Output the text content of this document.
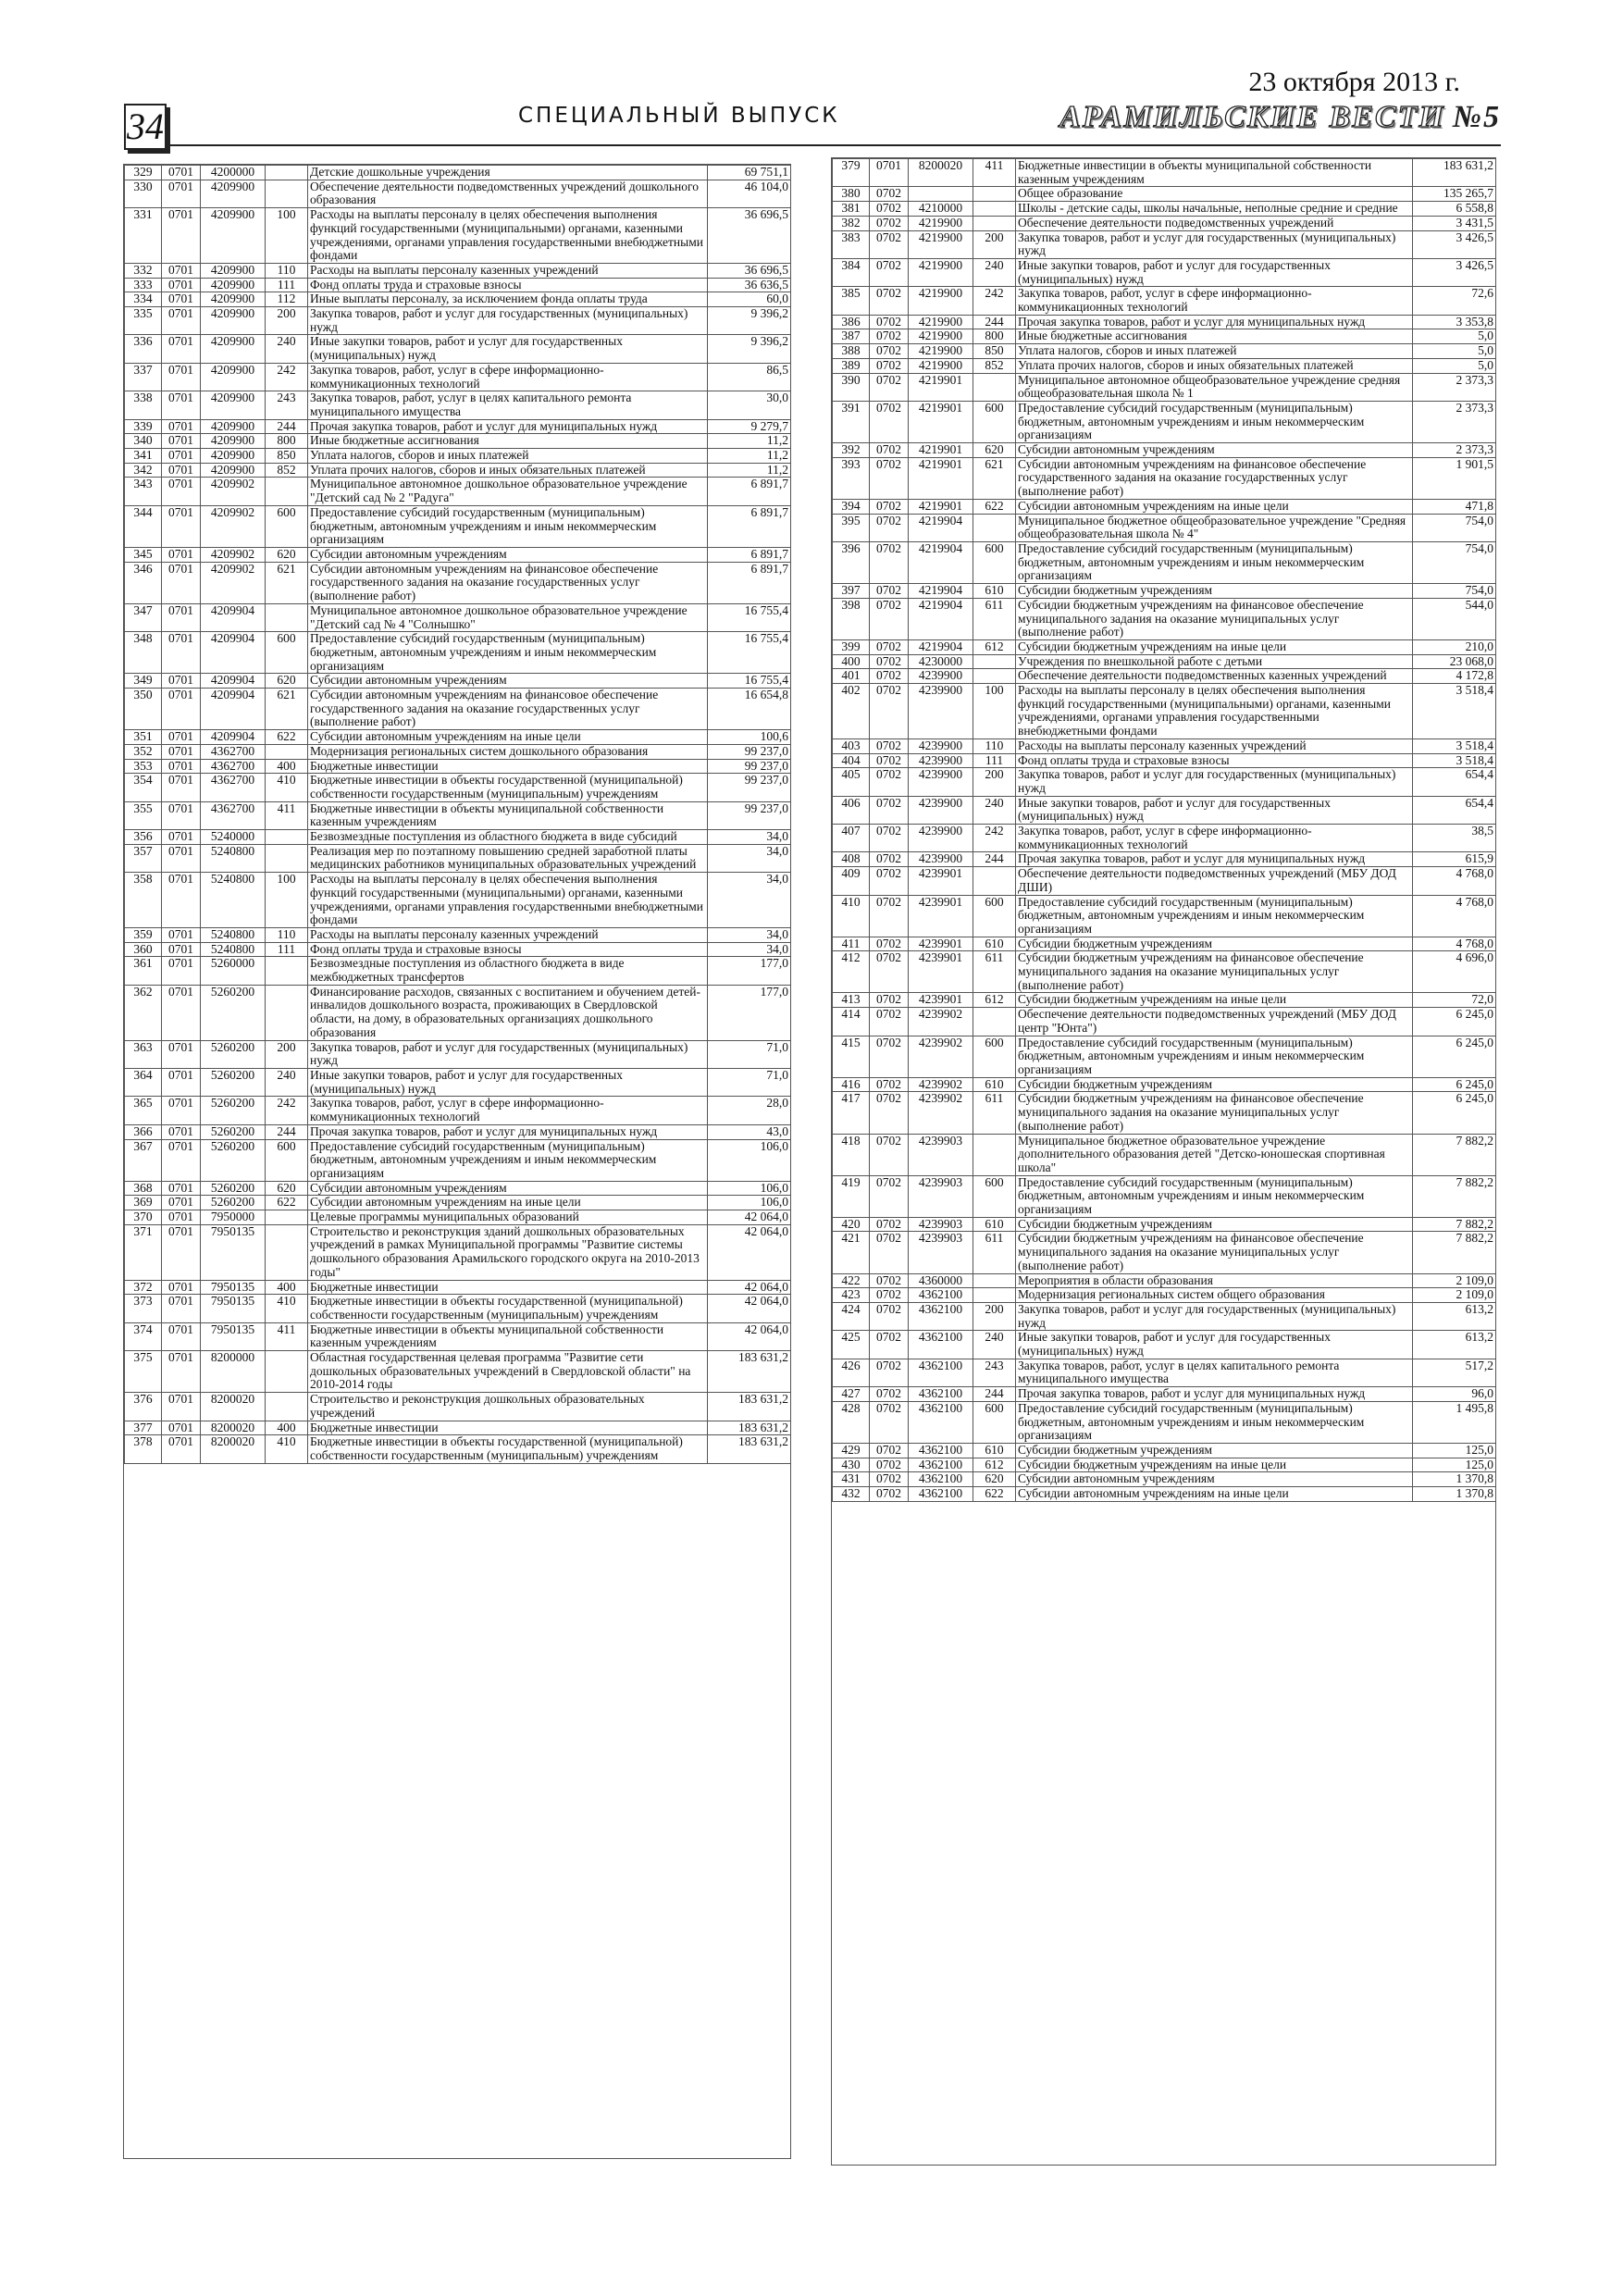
34	СПЕЦИАЛЬНЫЙ ВЫПУСК
23 октября 2013 г.
АРАМИЛЬСКИЕ ВЕСТИ №5
329	0701	4200000		Детские дошкольные учреждения	69 751,1
330	0701	4209900		Обеспечение деятельности подведомственных учреждений дошкольного образования	46 104,0
331	0701	4209900	100	Расходы на выплаты персоналу в целях обеспечения выполнения функций государственными (муниципальными) органами, казенными учреждениями, органами управления государственными внебюджетными фондами	36 696,5
332	0701	4209900	110	Расходы на выплаты персоналу казенных учреждений	36 696,5
333	0701	4209900	111	Фонд оплаты труда и страховые взносы	36 636,5
334	0701	4209900	112	Иные выплаты персоналу, за исключением фонда оплаты труда	60,0
335	0701	4209900	200	Закупка товаров, работ и услуг для государственных (муниципальных) нужд	9 396,2
336	0701	4209900	240	Иные закупки товаров, работ и услуг для государственных (муниципальных) нужд	9 396,2
337	0701	4209900	242	Закупка товаров, работ, услуг в сфере информационно-коммуникационных технологий	86,5
338	0701	4209900	243	Закупка товаров, работ, услуг в целях капитального ремонта муниципального имущества	30,0
339	0701	4209900	244	Прочая закупка товаров, работ и услуг для муниципальных нужд	9 279,7
340	0701	4209900	800	Иные бюджетные ассигнования	11,2
341	0701	4209900	850	Уплата налогов, сборов и иных платежей	11,2
342	0701	4209900	852	Уплата прочих налогов, сборов и иных обязательных платежей	11,2
343	0701	4209902		Муниципальное автономное дошкольное образовательное учреждение "Детский сад № 2 "Радуга"	6 891,7
344	0701	4209902	600	Предоставление субсидий государственным (муниципальным) бюджетным, автономным учреждениям и иным некоммерческим организациям	6 891,7
345	0701	4209902	620	Субсидии автономным учреждениям	6 891,7
346	0701	4209902	621	Субсидии автономным учреждениям на финансовое обеспечение государственного задания на оказание государственных услуг (выполнение работ)	6 891,7
347	0701	4209904		Муниципальное автономное дошкольное образовательное учреждение "Детский сад № 4 "Солнышко"	16 755,4
348	0701	4209904	600	Предоставление субсидий государственным (муниципальным) бюджетным, автономным учреждениям и иным некоммерческим организациям	16 755,4
349	0701	4209904	620	Субсидии автономным учреждениям	16 755,4
350	0701	4209904	621	Субсидии автономным учреждениям на финансовое обеспечение государственного задания на оказание государственных услуг (выполнение работ)	16 654,8
351	0701	4209904	622	Субсидии автономным учреждениям на иные цели	100,6
352	0701	4362700		Модернизация региональных систем дошкольного образования	99 237,0
353	0701	4362700	400	Бюджетные инвестиции	99 237,0
354	0701	4362700	410	Бюджетные инвестиции в объекты государственной (муниципальной) собственности государственным (муниципальным) учреждениям	99 237,0
355	0701	4362700	411	Бюджетные инвестиции в объекты муниципальной собственности казенным учреждениям	99 237,0
356	0701	5240000		Безвозмездные поступления из областного бюджета в виде субсидий	34,0
357	0701	5240800		Реализация мер по поэтапному повышению средней заработной платы медицинских работников муниципальных образовательных учреждений	34,0
358	0701	5240800	100	Расходы на выплаты персоналу в целях обеспечения выполнения функций государственными (муниципальными) органами, казенными учреждениями, органами управления государственными внебюджетными фондами	34,0
359	0701	5240800	110	Расходы на выплаты персоналу казенных учреждений	34,0
360	0701	5240800	111	Фонд оплаты труда и страховые взносы	34,0
361	0701	5260000		Безвозмездные поступления из областного бюджета в виде межбюджетных трансфертов	177,0
362	0701	5260200		Финансирование расходов, связанных с воспитанием и обучением детей-инвалидов дошкольного возраста, проживающих в Свердловской области, на дому, в образовательных организациях дошкольного образования	177,0
363	0701	5260200	200	Закупка товаров, работ и услуг для государственных (муниципальных) нужд	71,0
364	0701	5260200	240	Иные закупки товаров, работ и услуг для государственных (муниципальных) нужд	71,0
365	0701	5260200	242	Закупка товаров, работ, услуг в сфере информационно-коммуникационных технологий	28,0
366	0701	5260200	244	Прочая закупка товаров, работ и услуг для муниципальных нужд	43,0
367	0701	5260200	600	Предоставление субсидий государственным (муниципальным) бюджетным, автономным учреждениям и иным некоммерческим организациям	106,0
368	0701	5260200	620	Субсидии автономным учреждениям	106,0
369	0701	5260200	622	Субсидии автономным учреждениям на иные цели	106,0
370	0701	7950000		Целевые программы муниципальных образований	42 064,0
371	0701	7950135		Строительство и реконструкция зданий дошкольных образовательных учреждений в рамках Муниципальной программы "Развитие системы дошкольного образования Арамильского городского округа на 2010-2013 годы"	42 064,0
372	0701	7950135	400	Бюджетные инвестиции	42 064,0
373	0701	7950135	410	Бюджетные инвестиции в объекты государственной (муниципальной) собственности государственным (муниципальным) учреждениям	42 064,0
374	0701	7950135	411	Бюджетные инвестиции в объекты муниципальной собственности казенным учреждениям	42 064,0
375	0701	8200000		Областная государственная целевая программа "Развитие сети дошкольных образовательных учреждений в Свердловской области" на 2010-2014 годы	183 631,2
376	0701	8200020		Строительство и реконструкция дошкольных образовательных учреждений	183 631,2
377	0701	8200020	400	Бюджетные инвестиции	183 631,2
378	0701	8200020	410	Бюджетные инвестиции в объекты государственной (муниципальной) собственности государственным (муниципальным) учреждениям	183 631,2
379	0701	8200020	411	Бюджетные инвестиции в объекты муниципальной собственности казенным учреждениям	183 631,2
380	0702			Общее образование	135 265,7
381	0702	4210000		Школы - детские сады, школы начальные, неполные средние и средние	6 558,8
382	0702	4219900		Обеспечение деятельности подведомственных учреждений	3 431,5
383	0702	4219900	200	Закупка товаров, работ и услуг для государственных (муниципальных) нужд	3 426,5
384	0702	4219900	240	Иные закупки товаров, работ и услуг для государственных (муниципальных) нужд	3 426,5
385	0702	4219900	242	Закупка товаров, работ, услуг в сфере информационно-коммуникационных технологий	72,6
386	0702	4219900	244	Прочая закупка товаров, работ и услуг для муниципальных нужд	3 353,8
387	0702	4219900	800	Иные бюджетные ассигнования	5,0
388	0702	4219900	850	Уплата налогов, сборов и иных платежей	5,0
389	0702	4219900	852	Уплата прочих налогов, сборов и иных обязательных платежей	5,0
390	0702	4219901		Муниципальное автономное общеобразовательное учреждение средняя общеобразовательная школа № 1	2 373,3
391	0702	4219901	600	Предоставление субсидий государственным (муниципальным) бюджетным, автономным учреждениям и иным некоммерческим организациям	2 373,3
392	0702	4219901	620	Субсидии автономным учреждениям	2 373,3
393	0702	4219901	621	Субсидии автономным учреждениям на финансовое обеспечение государственного задания на оказание государственных услуг (выполнение работ)	1 901,5
394	0702	4219901	622	Субсидии автономным учреждениям на иные цели	471,8
395	0702	4219904		Муниципальное бюджетное общеобразовательное учреждение "Средняя общеобразовательная школа № 4"	754,0
396	0702	4219904	600	Предоставление субсидий государственным (муниципальным) бюджетным, автономным учреждениям и иным некоммерческим организациям	754,0
397	0702	4219904	610	Субсидии бюджетным учреждениям	754,0
398	0702	4219904	611	Субсидии бюджетным учреждениям на финансовое обеспечение муниципального задания на оказание муниципальных услуг (выполнение работ)	544,0
399	0702	4219904	612	Субсидии бюджетным учреждениям на иные цели	210,0
400	0702	4230000		Учреждения по внешкольной работе с детьми	23 068,0
401	0702	4239900		Обеспечение деятельности подведомственных казенных учреждений	4 172,8
402	0702	4239900	100	Расходы на выплаты персоналу в целях обеспечения выполнения функций государственными (муниципальными) органами, казенными учреждениями, органами управления государственными внебюджетными фондами	3 518,4
403	0702	4239900	110	Расходы на выплаты персоналу казенных учреждений	3 518,4
404	0702	4239900	111	Фонд оплаты труда и страховые взносы	3 518,4
405	0702	4239900	200	Закупка товаров, работ и услуг для государственных (муниципальных) нужд	654,4
406	0702	4239900	240	Иные закупки товаров, работ и услуг для государственных (муниципальных) нужд	654,4
407	0702	4239900	242	Закупка товаров, работ, услуг в сфере информационно-коммуникационных технологий	38,5
408	0702	4239900	244	Прочая закупка товаров, работ и услуг для муниципальных нужд	615,9
409	0702	4239901		Обеспечение деятельности подведомственных учреждений (МБУ ДОД ДШИ)	4 768,0
410	0702	4239901	600	Предоставление субсидий государственным (муниципальным) бюджетным, автономным учреждениям и иным некоммерческим организациям	4 768,0
411	0702	4239901	610	Субсидии бюджетным учреждениям	4 768,0
412	0702	4239901	611	Субсидии бюджетным учреждениям на финансовое обеспечение муниципального задания на оказание муниципальных услуг (выполнение работ)	4 696,0
413	0702	4239901	612	Субсидии бюджетным учреждениям на иные цели	72,0
414	0702	4239902		Обеспечение деятельности подведомственных учреждений (МБУ ДОД центр "Юнта")	6 245,0
415	0702	4239902	600	Предоставление субсидий государственным (муниципальным) бюджетным, автономным учреждениям и иным некоммерческим организациям	6 245,0
416	0702	4239902	610	Субсидии бюджетным учреждениям	6 245,0
417	0702	4239902	611	Субсидии бюджетным учреждениям на финансовое обеспечение муниципального задания на оказание муниципальных услуг (выполнение работ)	6 245,0
418	0702	4239903		Муниципальное бюджетное образовательное учреждение дополнительного образования детей "Детско-юношеская спортивная школа"	7 882,2
419	0702	4239903	600	Предоставление субсидий государственным (муниципальным) бюджетным, автономным учреждениям и иным некоммерческим организациям	7 882,2
420	0702	4239903	610	Субсидии бюджетным учреждениям	7 882,2
421	0702	4239903	611	Субсидии бюджетным учреждениям на финансовое обеспечение муниципального задания на оказание муниципальных услуг (выполнение работ)	7 882,2
422	0702	4360000		Мероприятия в области образования	2 109,0
423	0702	4362100		Модернизация региональных систем общего образования	2 109,0
424	0702	4362100	200	Закупка товаров, работ и услуг для государственных (муниципальных) нужд	613,2
425	0702	4362100	240	Иные закупки товаров, работ и услуг для государственных (муниципальных) нужд	613,2
426	0702	4362100	243	Закупка товаров, работ, услуг в целях капитального ремонта муниципального имущества	517,2
427	0702	4362100	244	Прочая закупка товаров, работ и услуг для муниципальных нужд	96,0
428	0702	4362100	600	Предоставление субсидий государственным (муниципальным) бюджетным, автономным учреждениям и иным некоммерческим организациям	1 495,8
429	0702	4362100	610	Субсидии бюджетным учреждениям	125,0
430	0702	4362100	612	Субсидии бюджетным учреждениям на иные цели	125,0
431	0702	4362100	620	Субсидии автономным учреждениям	1 370,8
432	0702	4362100	622	Субсидии автономным учреждениям на иные цели	1 370,8
